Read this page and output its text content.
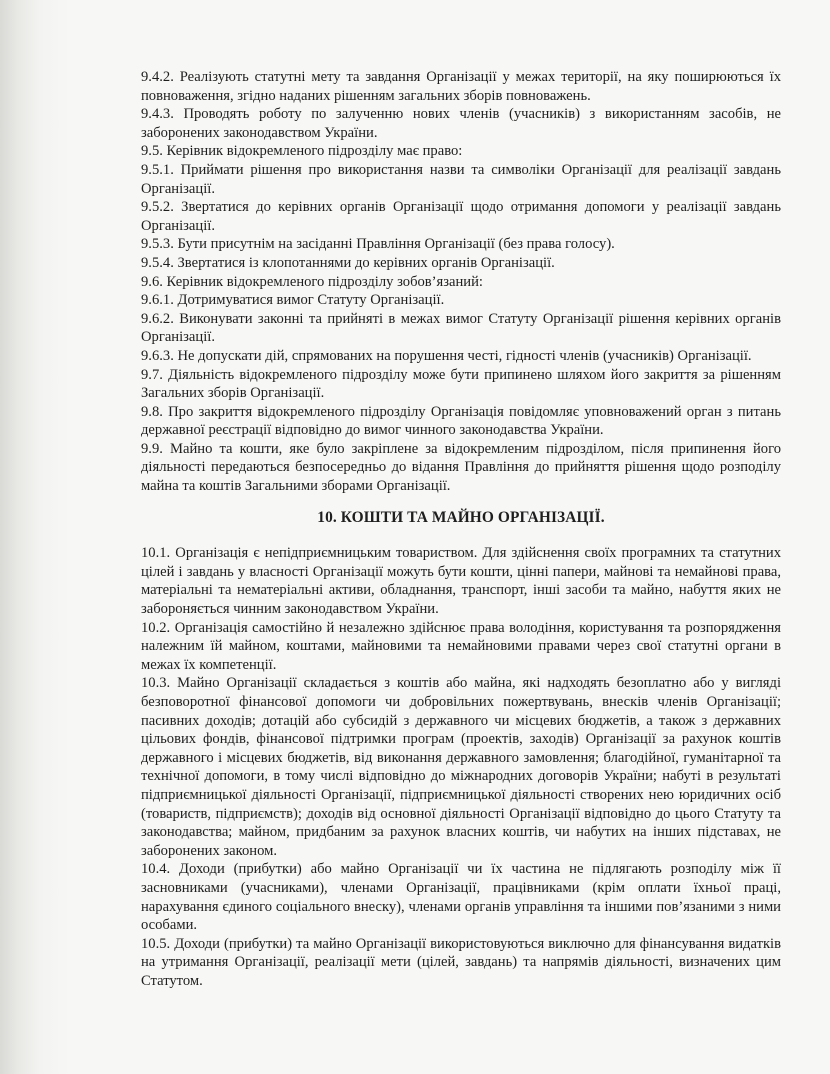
9.4.2. Реалізують статутні мету та завдання Організації у межах території, на яку поширюються їх повноваження, згідно наданих рішенням загальних зборів повноважень.

9.4.3. Проводять роботу по залученню нових членів (учасників) з використанням засобів, не заборонених законодавством України.

9.5. Керівник відокремленого підрозділу має право:

9.5.1. Приймати рішення про використання назви та символіки Організації для реалізації завдань Організації.

9.5.2. Звертатися до керівних органів Організації щодо отримання допомоги у реалізації завдань Організації.

9.5.3. Бути присутнім на засіданні Правління Організації (без права голосу).

9.5.4. Звертатися із клопотаннями до керівних органів Організації.

9.6. Керівник відокремленого підрозділу зобов’язаний:

9.6.1. Дотримуватися вимог Статуту Організації.

9.6.2. Виконувати законні та прийняті в межах вимог Статуту Організації рішення керівних органів Організації.

9.6.3. Не допускати дій, спрямованих на порушення честі, гідності членів (учасників) Організації.

9.7. Діяльність відокремленого підрозділу може бути припинено шляхом його закриття за рішенням Загальних зборів Організації.

9.8. Про закриття відокремленого підрозділу Організація повідомляє уповноважений орган з питань державної реєстрації відповідно до вимог чинного законодавства України.

9.9. Майно та кошти, яке було закріплене за відокремленим підрозділом, після припинення його діяльності передаються безпосередньо до відання Правління до прийняття рішення щодо розподілу майна та коштів Загальними зборами Організації.

10. КОШТИ ТА МАЙНО ОРГАНІЗАЦІЇ.

10.1. Організація є непідприємницьким товариством. Для здійснення своїх програмних та статутних цілей і завдань у власності Організації можуть бути кошти, цінні папери, майнові та немайнові права, матеріальні та нематеріальні активи, обладнання, транспорт, інші засоби та майно, набуття яких не забороняється чинним законодавством України.

10.2. Організація самостійно й незалежно здійснює права володіння, користування та розпорядження належним їй майном, коштами, майновими та немайновими правами через свої статутні органи в межах їх компетенції.

10.3. Майно Організації складається з коштів або майна, які надходять безоплатно або у вигляді безповоротної фінансової допомоги чи добровільних пожертвувань, внесків членів Організації; пасивних доходів; дотацій або субсидій з державного чи місцевих бюджетів, а також з державних цільових фондів, фінансової підтримки програм (проектів, заходів) Організації за рахунок коштів державного і місцевих бюджетів, від виконання державного замовлення; благодійної, гуманітарної та технічної допомоги, в тому числі відповідно до міжнародних договорів України; набуті в результаті підприємницької діяльності Організації, підприємницької діяльності створених нею юридичних осіб (товариств, підприємств); доходів від основної діяльності Організації відповідно до цього Статуту та законодавства; майном, придбаним за рахунок власних коштів, чи набутих на інших підставах, не заборонених законом.

10.4. Доходи (прибутки) або майно Організації чи їх частина не підлягають розподілу між її засновниками (учасниками), членами Організації, працівниками (крім оплати їхньої праці, нарахування єдиного соціального внеску), членами органів управління та іншими пов’язаними з ними особами.

10.5. Доходи (прибутки) та майно Організації використовуються виключно для фінансування видатків на утримання Організації, реалізації мети (цілей, завдань) та напрямів діяльності, визначених цим Статутом.
